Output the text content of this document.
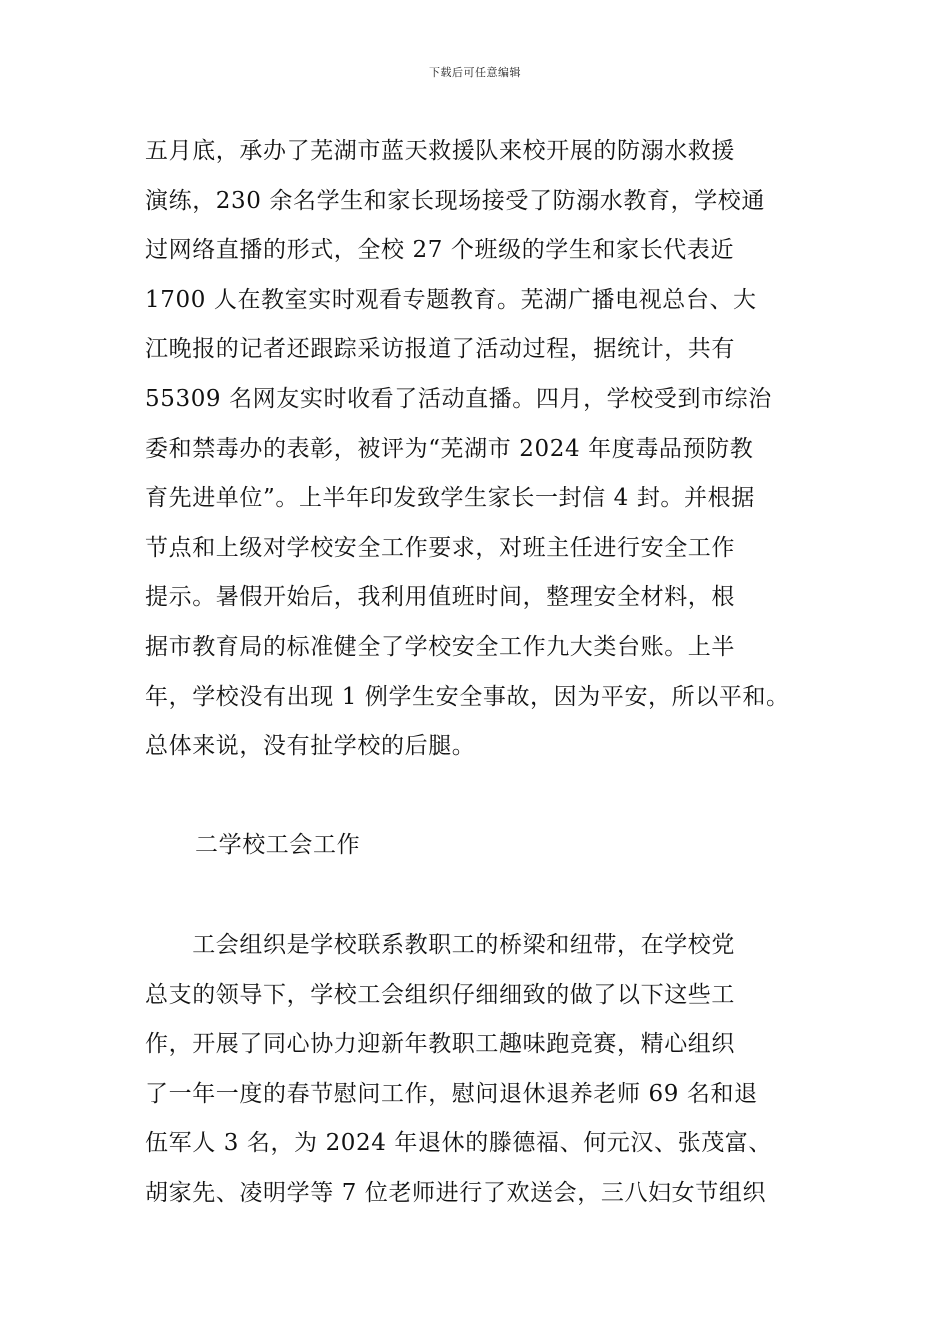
下载后可任意编辑
五月底，承办了芜湖市蓝天救援队来校开展的防溺水救援
演练，230 余名学生和家长现场接受了防溺水教育，学校通
过网络直播的形式，全校 27 个班级的学生和家长代表近
1700 人在教室实时观看专题教育。芜湖广播电视总台、大
江晚报的记者还跟踪采访报道了活动过程，据统计，共有
55309 名网友实时收看了活动直播。四月，学校受到市综治
委和禁毒办的表彰，被评为“芜湖市 2024 年度毒品预防教
育先进单位”。上半年印发致学生家长一封信 4 封。并根据
节点和上级对学校安全工作要求，对班主任进行安全工作
提示。暑假开始后，我利用值班时间，整理安全材料，根
据市教育局的标准健全了学校安全工作九大类台账。上半
年，学校没有出现 1 例学生安全事故，因为平安，所以平和。
总体来说，没有扯学校的后腿。
二学校工会工作
　　工会组织是学校联系教职工的桥梁和纽带，在学校党
总支的领导下，学校工会组织仔细细致的做了以下这些工
作，开展了同心协力迎新年教职工趣味跑竞赛，精心组织
了一年一度的春节慰问工作，慰问退休退养老师 69 名和退
伍军人 3 名，为 2024 年退休的滕德福、何元汉、张茂富、
胡家先、凌明学等 7 位老师进行了欢送会，三八妇女节组织
